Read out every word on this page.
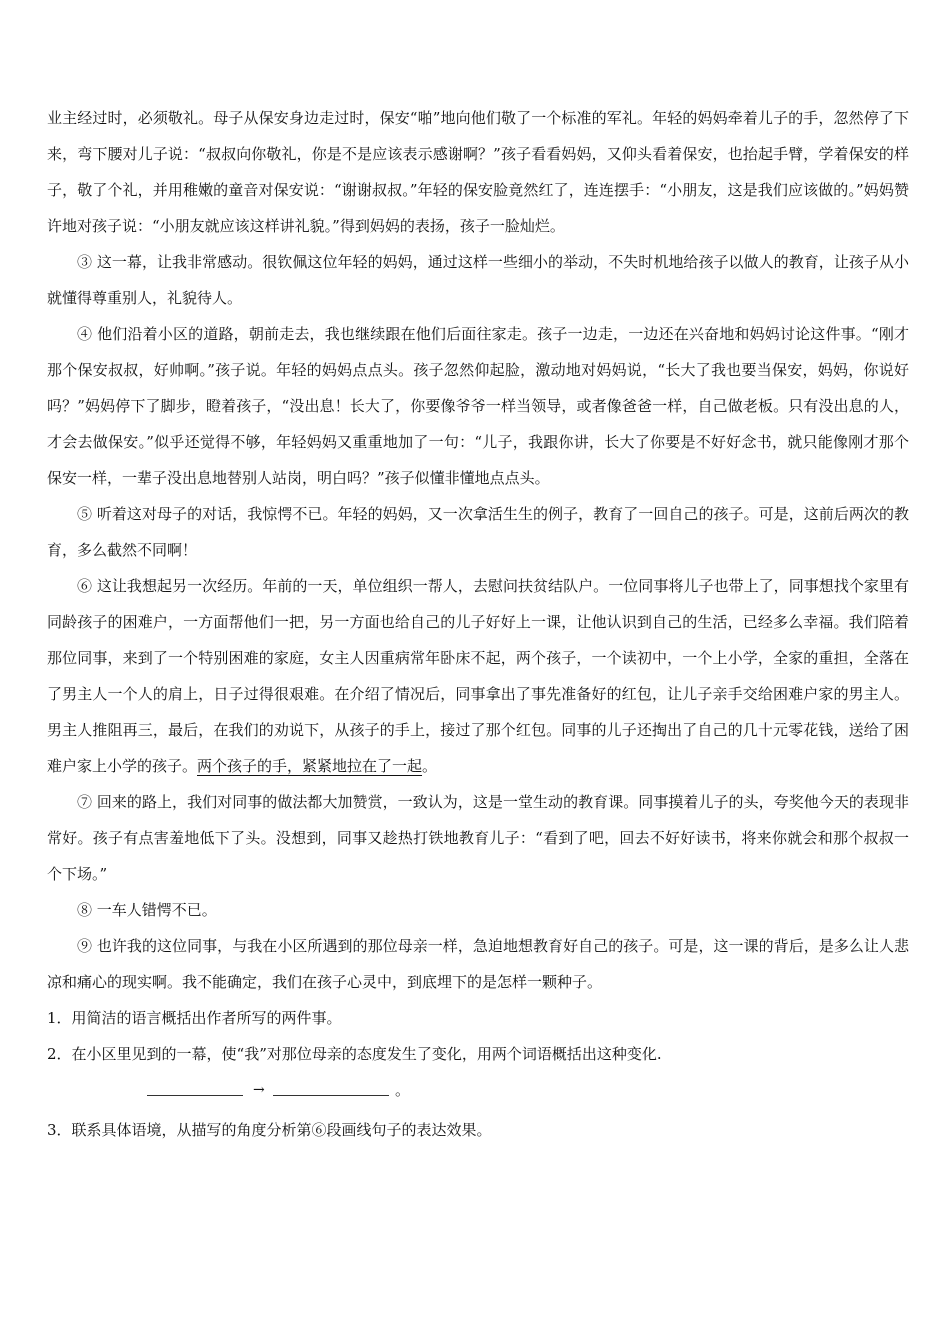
业主经过时，必须敬礼。母子从保安身边走过时，保安“啪”地向他们敬了一个标准的军礼。年轻的妈妈牵着儿子的手，忽然停了下来，弯下腰对儿子说：“叔叔向你敬礼，你是不是应该表示感谢啊？”孩子看看妈妈，又仰头看着保安，也抬起手臂，学着保安的样子，敬了个礼，并用稚嫩的童音对保安说：“谢谢叔叔。”年轻的保安脸竟然红了，连连摆手：“小朋友，这是我们应该做的。”妈妈赞许地对孩子说：“小朋友就应该这样讲礼貌。”得到妈妈的表扬，孩子一脸灿烂。

③ 这一幕，让我非常感动。很钦佩这位年轻的妈妈，通过这样一些细小的举动，不失时机地给孩子以做人的教育，让孩子从小就懂得尊重别人，礼貌待人。

④ 他们沿着小区的道路，朝前走去，我也继续跟在他们后面往家走。孩子一边走，一边还在兴奋地和妈妈讨论这件事。“刚才那个保安叔叔，好帅啊。”孩子说。年轻的妈妈点点头。孩子忽然仰起脸，激动地对妈妈说，“长大了我也要当保安，妈妈，你说好吗？”妈妈停下了脚步，瞪着孩子，“没出息！长大了，你要像爷爷一样当领导，或者像爸爸一样，自己做老板。只有没出息的人，才会去做保安。”似乎还觉得不够，年轻妈妈又重重地加了一句：“儿子，我跟你讲，长大了你要是不好好念书，就只能像刚才那个保安一样，一辈子没出息地替别人站岗，明白吗？”孩子似懂非懂地点点头。

⑤ 听着这对母子的对话，我惊愕不已。年轻的妈妈，又一次拿活生生的例子，教育了一回自己的孩子。可是，这前后两次的教育，多么截然不同啊！

⑥ 这让我想起另一次经历。年前的一天，单位组织一帮人，去慰问扶贫结队户。一位同事将儿子也带上了，同事想找个家里有同龄孩子的困难户，一方面帮他们一把，另一方面也给自己的儿子好好上一课，让他认识到自己的生活，已经多么幸福。我们陪着那位同事，来到了一个特别困难的家庭，女主人因重病常年卧床不起，两个孩子，一个读初中，一个上小学，全家的重担，全落在了男主人一个人的肩上，日子过得很艰难。在介绍了情况后，同事拿出了事先准备好的红包，让儿子亲手交给困难户家的男主人。男主人推阻再三，最后，在我们的劝说下，从孩子的手上，接过了那个红包。同事的儿子还掏出了自己的几十元零花钱，送给了困难户家上小学的孩子。两个孩子的手，紧紧地拉在了一起。

⑦ 回来的路上，我们对同事的做法都大加赞赏，一致认为，这是一堂生动的教育课。同事摸着儿子的头，夸奖他今天的表现非常好。孩子有点害羞地低下了头。没想到，同事又趁热打铁地教育儿子：“看到了吧，回去不好好读书，将来你就会和那个叔叔一个下场。”

⑧ 一车人错愕不已。

⑨ 也许我的这位同事，与我在小区所遇到的那位母亲一样，急迫地想教育好自己的孩子。可是，这一课的背后，是多么让人悲凉和痛心的现实啊。我不能确定，我们在孩子心灵中，到底埋下的是怎样一颗种子。

1．用简洁的语言概括出作者所写的两件事。

2．在小区里见到的一幕，使“我”对那位母亲的态度发生了变化，用两个词语概括出这种变化.

→	。

3．联系具体语境，从描写的角度分析第⑥段画线句子的表达效果。
